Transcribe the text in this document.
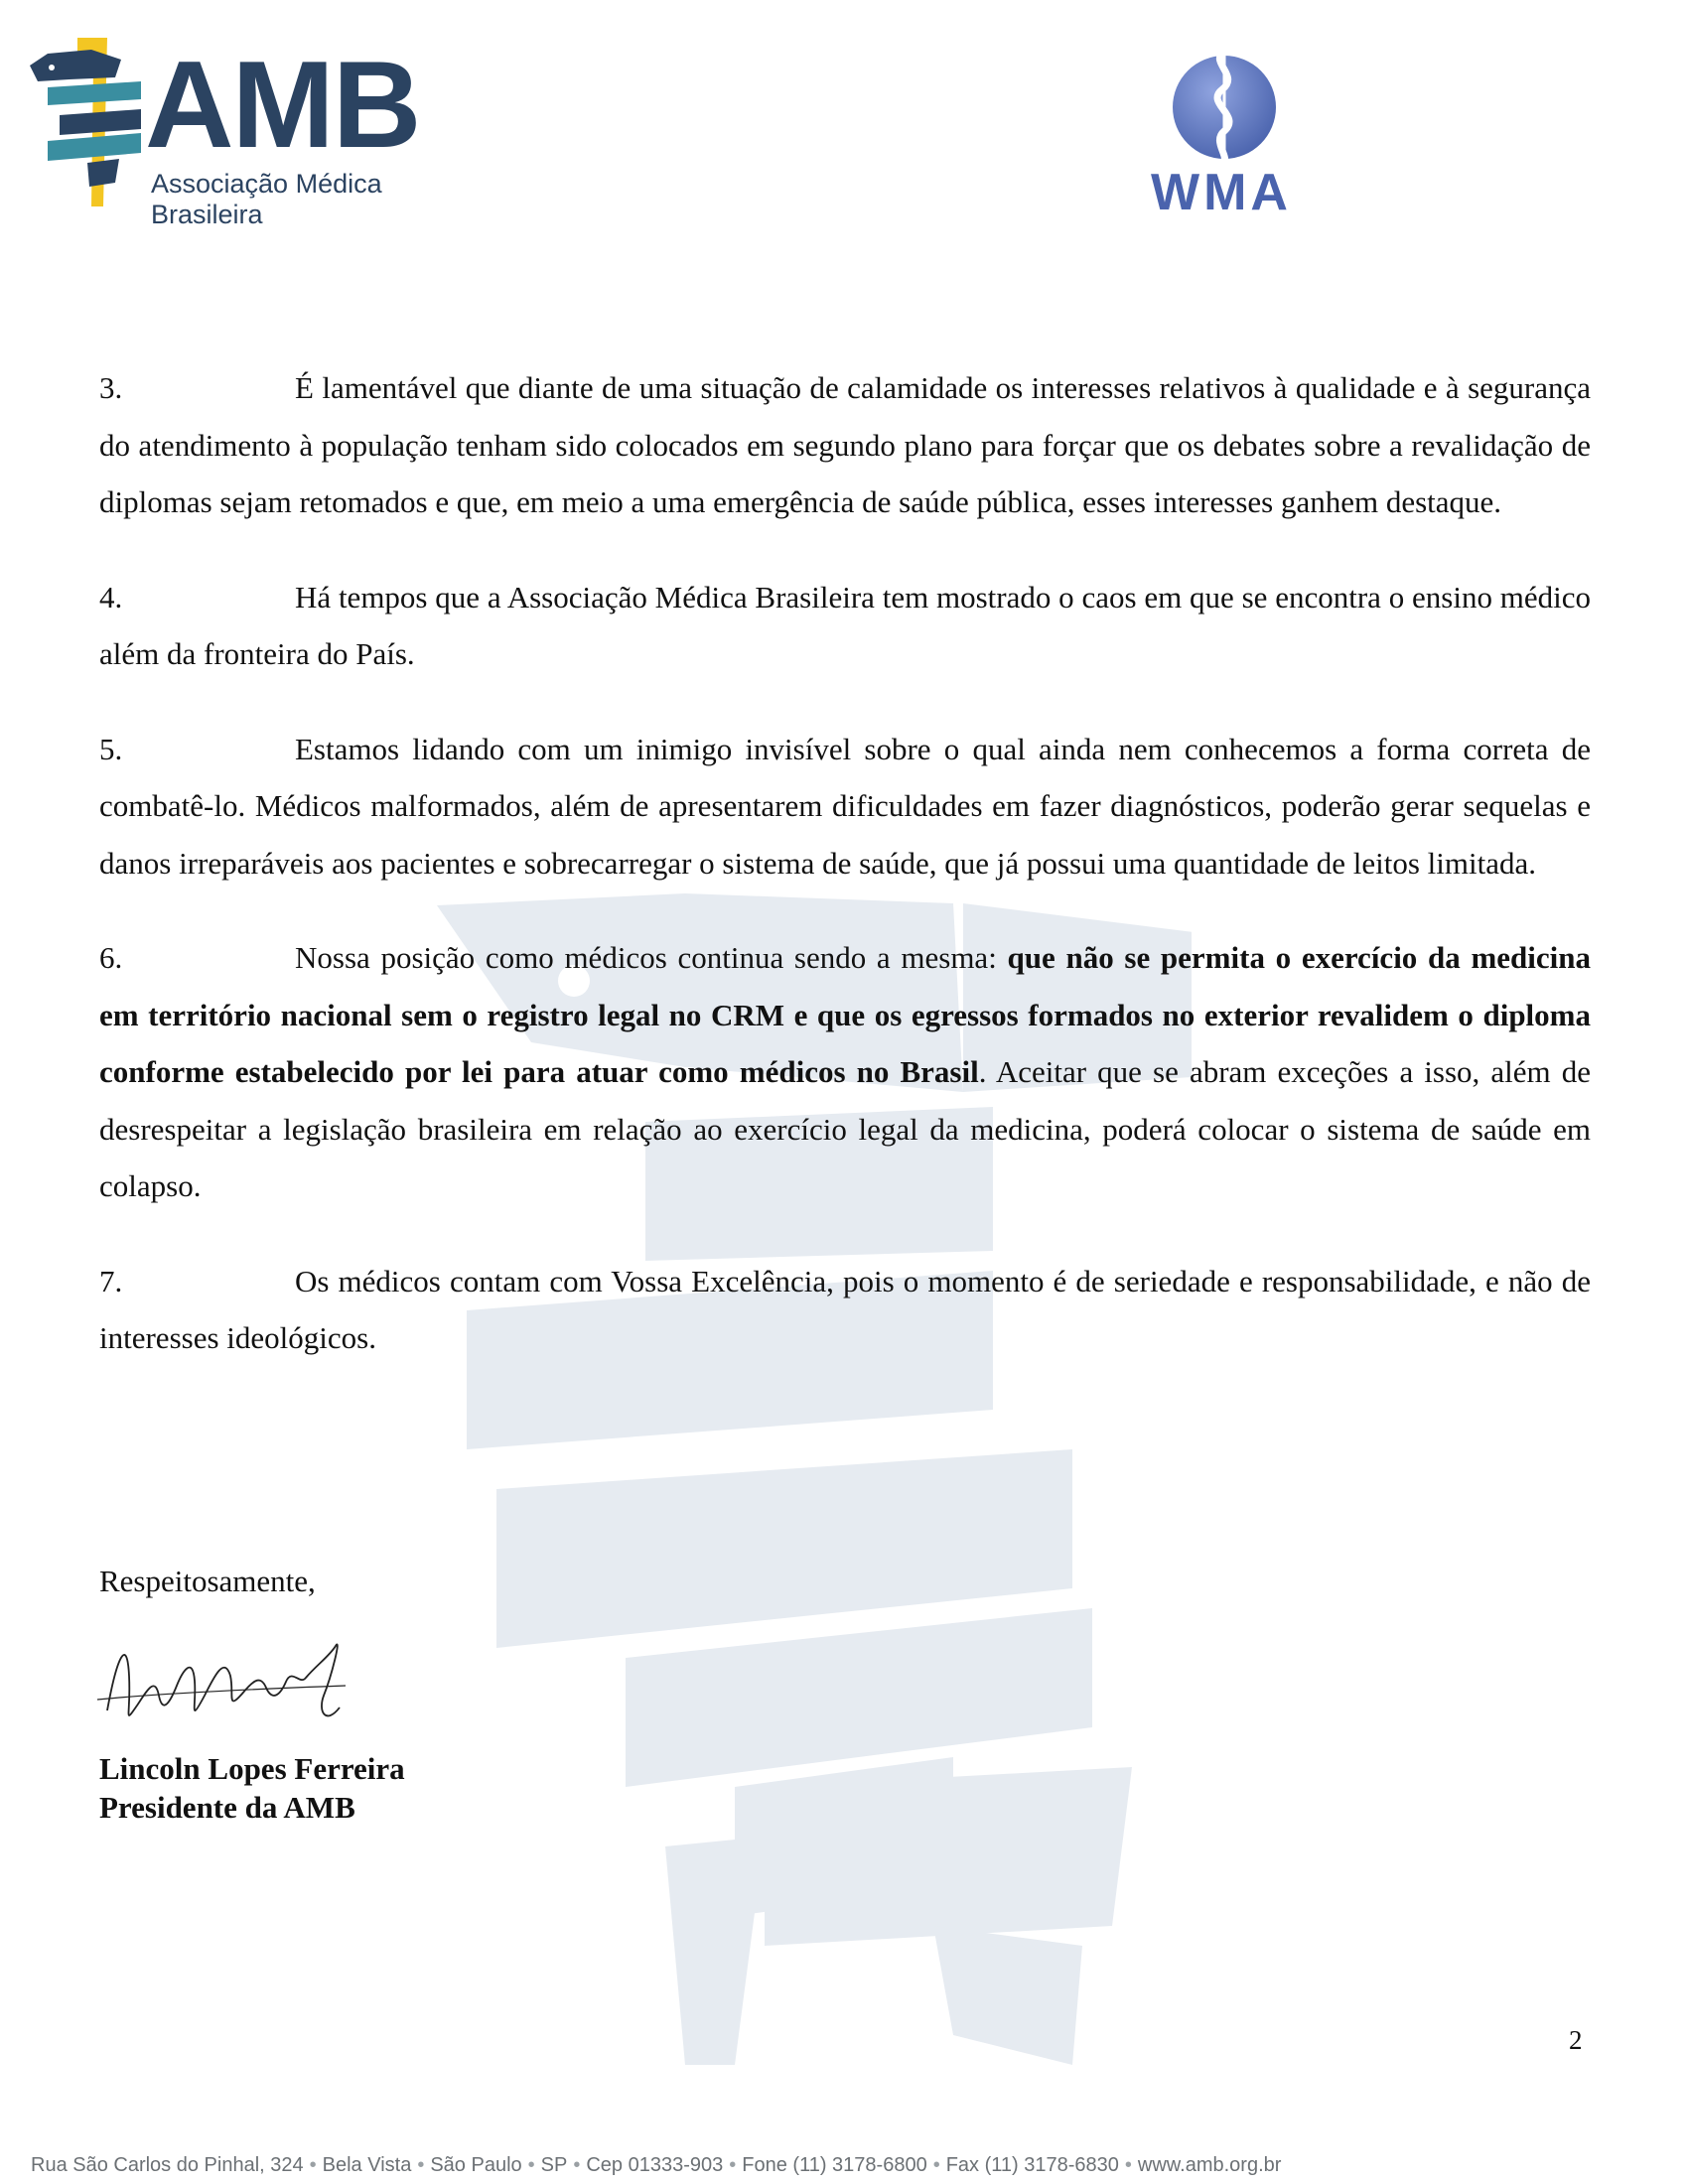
AMB
Associação Médica Brasileira	WMA

3.	É lamentável que diante de uma situação de calamidade os interesses relativos à qualidade e à segurança do atendimento à população tenham sido colocados em segundo plano para forçar que os debates sobre a revalidação de diplomas sejam retomados e que, em meio a uma emergência de saúde pública, esses interesses ganhem destaque.

4.	Há tempos que a Associação Médica Brasileira tem mostrado o caos em que se encontra o ensino médico além da fronteira do País.

5.	Estamos lidando com um inimigo invisível sobre o qual ainda nem conhecemos a forma correta de combatê-lo. Médicos malformados, além de apresentarem dificuldades em fazer diagnósticos, poderão gerar sequelas e danos irreparáveis aos pacientes e sobrecarregar o sistema de saúde, que já possui uma quantidade de leitos limitada.

6.	Nossa posição como médicos continua sendo a mesma: que não se permita o exercício da medicina em território nacional sem o registro legal no CRM e que os egressos formados no exterior revalidem o diploma conforme estabelecido por lei para atuar como médicos no Brasil. Aceitar que se abram exceções a isso, além de desrespeitar a legislação brasileira em relação ao exercício legal da medicina, poderá colocar o sistema de saúde em colapso.

7.	Os médicos contam com Vossa Excelência, pois o momento é de seriedade e responsabilidade, e não de interesses ideológicos.

Respeitosamente,
Lincoln Lopes Ferreira
Presidente da AMB
2
Rua São Carlos do Pinhal, 324 • Bela Vista • São Paulo • SP • Cep 01333-903 • Fone (11) 3178-6800 • Fax (11) 3178-6830 • www.amb.org.br
